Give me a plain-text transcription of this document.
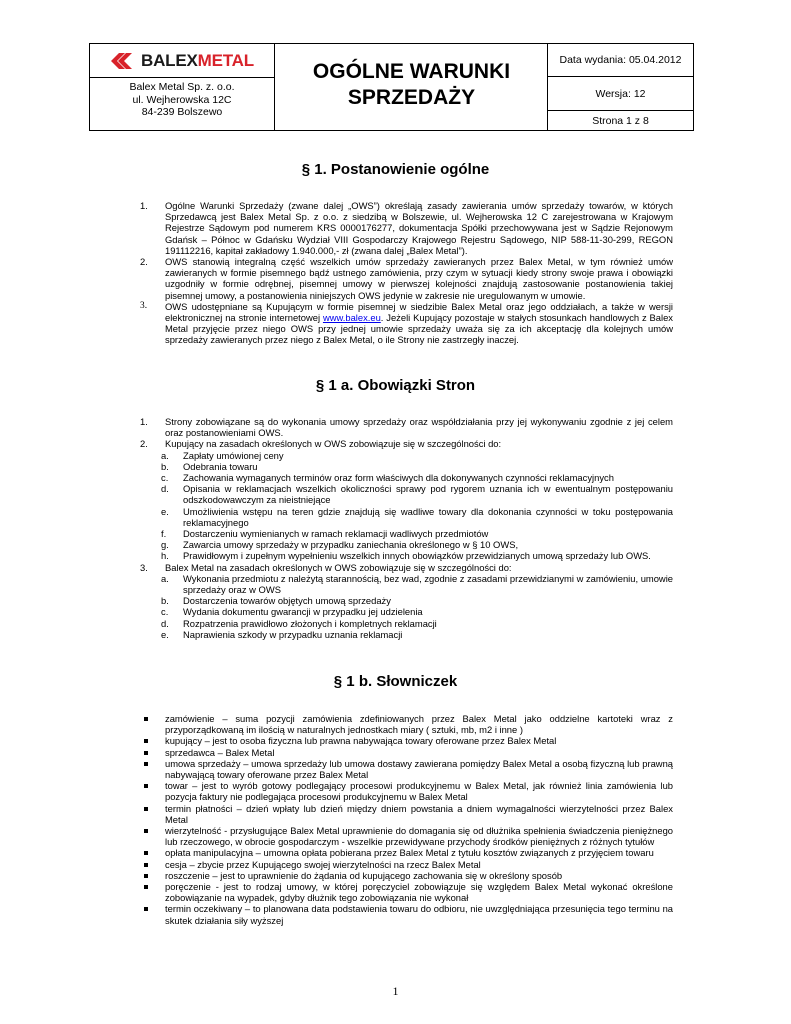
BALEXMETAL
Balex Metal Sp. z. o.o.
ul. Wejherowska 12C
84-239 Bolszewo
OGÓLNE WARUNKI
SPRZEDAŻY
Data wydania: 05.04.2012
Wersja: 12
Strona 1 z 8
§ 1. Postanowienie ogólne
1. Ogólne Warunki Sprzedaży (zwane dalej „OWS”) określają zasady zawierania umów sprzedaży towarów, w których Sprzedawcą jest Balex Metal Sp. z o.o. z siedzibą w Bolszewie, ul. Wejherowska 12 C zarejestrowana w Krajowym Rejestrze Sądowym pod numerem KRS 0000176277, dokumentacja Spółki przechowywana jest w Sądzie Rejonowym Gdańsk – Północ w Gdańsku Wydział VIII Gospodarczy Krajowego Rejestru Sądowego, NIP 588-11-30-299, REGON 191112216, kapitał zakładowy 1.940.000,- zł (zwana dalej „Balex Metal”).
2. OWS stanowią integralną część wszelkich umów sprzedaży zawieranych przez Balex Metal, w tym również umów zawieranych w formie pisemnego bądź ustnego zamówienia, przy czym w sytuacji kiedy strony swoje prawa i obowiązki uzgodniły w formie odrębnej, pisemnej umowy w pierwszej kolejności znajdują zastosowanie postanowienia takiej pisemnej umowy, a postanowienia niniejszych OWS jedynie w zakresie nie uregulowanym w umowie.
3. OWS udostępniane są Kupującym w formie pisemnej w siedzibie Balex Metal oraz jego oddziałach, a także w wersji elektronicznej na stronie internetowej www.balex.eu. Jeżeli Kupujący pozostaje w stałych stosunkach handlowych z Balex Metal przyjęcie przez niego OWS przy jednej umowie sprzedaży uważa się za ich akceptację dla kolejnych umów sprzedaży zawieranych przez niego z Balex Metal, o ile Strony nie zastrzegły inaczej.
§ 1 a. Obowiązki Stron
1. Strony zobowiązane są do wykonania umowy sprzedaży oraz współdziałania przy jej wykonywaniu zgodnie z jej celem oraz postanowieniami OWS.
2. Kupujący na zasadach określonych w OWS zobowiązuje się w szczególności do:
a. Zapłaty umówionej ceny
b. Odebrania towaru
c. Zachowania wymaganych terminów oraz form właściwych dla dokonywanych czynności reklamacyjnych
d. Opisania w reklamacjach wszelkich okoliczności sprawy pod rygorem uznania ich w ewentualnym postępowaniu odszkodowawczym za nieistniejące
e. Umożliwienia wstępu na teren gdzie znajdują się wadliwe towary dla dokonania czynności w toku postępowania reklamacyjnego
f. Dostarczeniu wymienianych w ramach reklamacji wadliwych przedmiotów
g. Zawarcia umowy sprzedaży w przypadku zaniechania określonego w § 10 OWS,
h. Prawidłowym i zupełnym wypełnieniu wszelkich innych obowiązków przewidzianych umową sprzedaży lub OWS.
3. Balex Metal na zasadach określonych w OWS zobowiązuje się w szczególności do:
a. Wykonania przedmiotu z należytą starannością, bez wad, zgodnie z zasadami przewidzianymi w zamówieniu, umowie sprzedaży oraz w OWS
b. Dostarczenia towarów objętych umową sprzedaży
c. Wydania dokumentu gwarancji w przypadku jej udzielenia
d. Rozpatrzenia prawidłowo złożonych i kompletnych reklamacji
e. Naprawienia szkody w przypadku uznania reklamacji
§ 1 b. Słowniczek
zamówienie – suma pozycji zamówienia zdefiniowanych przez Balex Metal jako oddzielne kartoteki wraz z przyporządkowaną im ilością w naturalnych jednostkach miary ( sztuki, mb, m2 i inne )
kupujący – jest to osoba fizyczna lub prawna nabywająca towary oferowane przez Balex Metal
sprzedawca – Balex Metal
umowa sprzedaży – umowa sprzedaży lub umowa dostawy zawierana pomiędzy Balex Metal a osobą fizyczną lub prawną nabywającą towary oferowane przez Balex Metal
towar – jest to wyrób gotowy podlegający procesowi produkcyjnemu w Balex Metal, jak również linia zamówienia lub pozycja faktury nie podlegająca procesowi produkcyjnemu w Balex Metal
termin płatności – dzień wpłaty lub dzień między dniem powstania a dniem wymagalności wierzytelności przez Balex Metal
wierzytelność - przysługujące Balex Metal uprawnienie do domagania się od dłużnika spełnienia świadczenia pieniężnego lub rzeczowego, w obrocie gospodarczym - wszelkie przewidywane przychody środków pieniężnych z różnych tytułów
opłata manipulacyjna – umowna opłata pobierana przez Balex Metal z tytułu kosztów związanych z przyjęciem towaru
cesja – zbycie przez Kupującego swojej wierzytelności na rzecz Balex Metal
roszczenie – jest to uprawnienie do żądania od kupującego zachowania się w określony sposób
poręczenie - jest to rodzaj umowy, w której poręczyciel zobowiązuje się względem Balex Metal wykonać określone zobowiązanie na wypadek, gdyby dłużnik tego zobowiązania nie wykonał
termin oczekiwany – to planowana data podstawienia towaru do odbioru, nie uwzględniająca przesunięcia tego terminu na skutek działania siły wyższej
1
